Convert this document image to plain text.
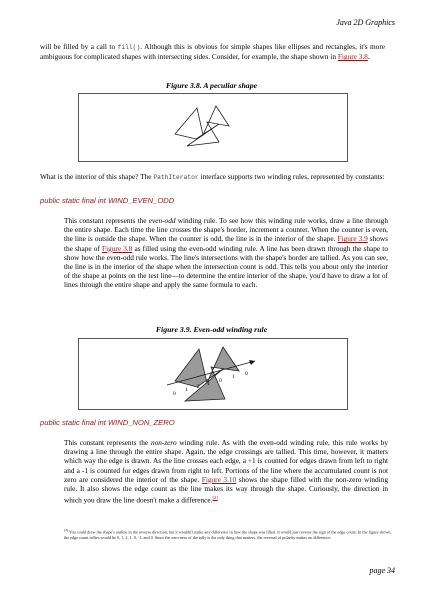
Java 2D Graphics
will be filled by a call to fill(). Although this is obvious for simple shapes like ellipses and rectangles, it's more ambiguous for complicated shapes with intersecting sides. Consider, for example, the shape shown in Figure 3.8.
Figure 3.8. A peculiar shape
What is the interior of this shape? The PathIterator interface supports two winding rules, represented by constants:
public static final int WIND_EVEN_ODD
This constant represents the even-odd winding rule. To see how this winding rule works, draw a line through the entire shape. Each time the line crosses the shape's border, increment a counter. When the counter is even, the line is outside the shape. When the counter is odd, the line is in the interior of the shape. Figure 3.9 shows the shape of Figure 3.8 as filled using the even-odd winding rule. A line has been drawn through the shape to show how the even-odd rule works. The line's intersections with the shape's border are tallied. As you can see, the line is in the interior of the shape when the intersection count is odd. This tells you about only the interior of the shape at points on the test line—to determine the entire interior of the shape, you'd have to draw a lot of lines through the entire shape and apply the same formula to each.
Figure 3.9. Even-odd winding rule
0
1 2 1 0
1 0
public static final int WIND_NON_ZERO
This constant represents the non-zero winding rule. As with the even-odd winding rule, this rule works by drawing a line through the entire shape. Again, the edge crossings are tallied. This time, however, it matters which way the edge is drawn. As the line crosses each edge, a +1 is counted for edges drawn from left to right and a -1 is counted for edges drawn from right to left. Portions of the line where the accumulated count is not zero are considered the interior of the shape. Figure 3.10 shows the shape filled with the non-zero winding rule. It also shows the edge count as the line makes its way through the shape. Curiously, the direction in which you draw the line doesn't make a difference.[2]
[2] You could draw the shape's outline in the reverse direction, but it wouldn't make any difference in how the shape was filled. It would just reverse the sign of the edge count. In the figure shown, the edge count tallies would be 0, 1, 2, 1, 0, -1, and 0. Since the zero-ness of the tally is the only thing that matters, the reversal of polarity makes no difference.
page 34
